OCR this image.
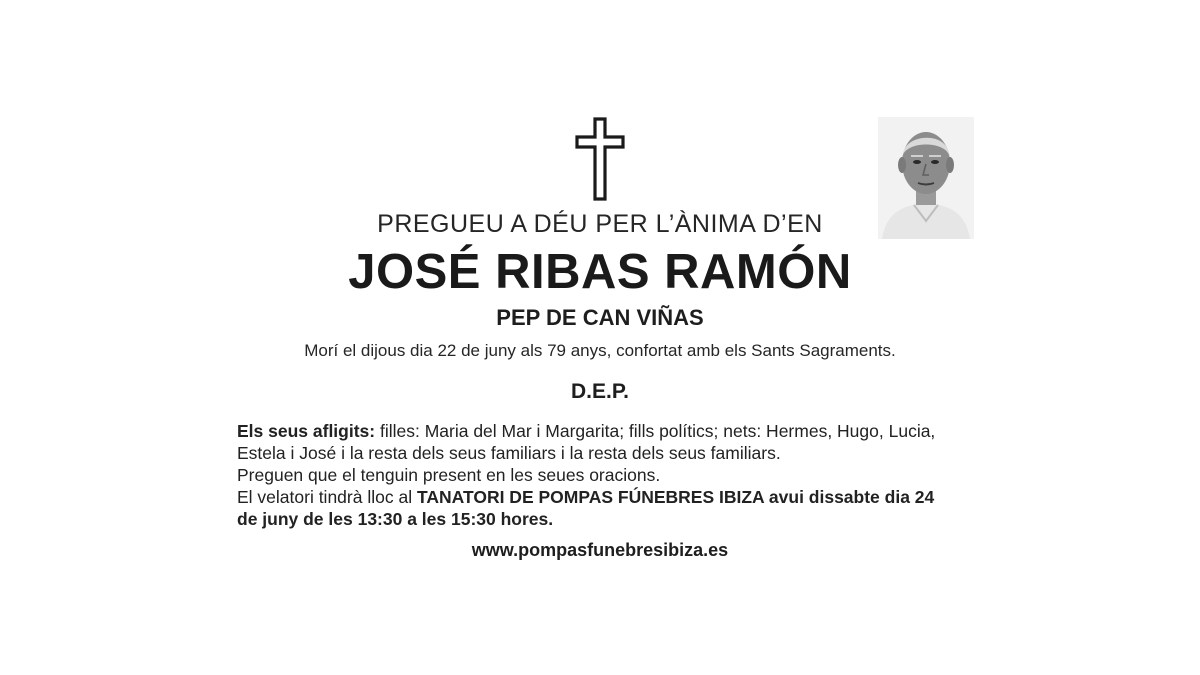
PREGUEU A DÉU PER L’ÀNIMA D’EN
JOSÉ RIBAS RAMÓN
PEP DE CAN VIÑAS
Morí el dijous dia 22 de juny als 79 anys, confortat amb els Sants Sagraments.
D.E.P.

Els seus afligits: filles: Maria del Mar i Margarita; fills polítics; nets: Hermes, Hugo, Lucia,

Estela i José i la resta dels seus familiars i la resta dels seus familiars.

Preguen que el tenguin present en les seues oracions.

El velatori tindrà lloc al TANATORI DE POMPAS FÚNEBRES IBIZA avui dissabte dia 24

de juny de les 13:30 a les 15:30 hores.

www.pompasfunebresibiza.es
